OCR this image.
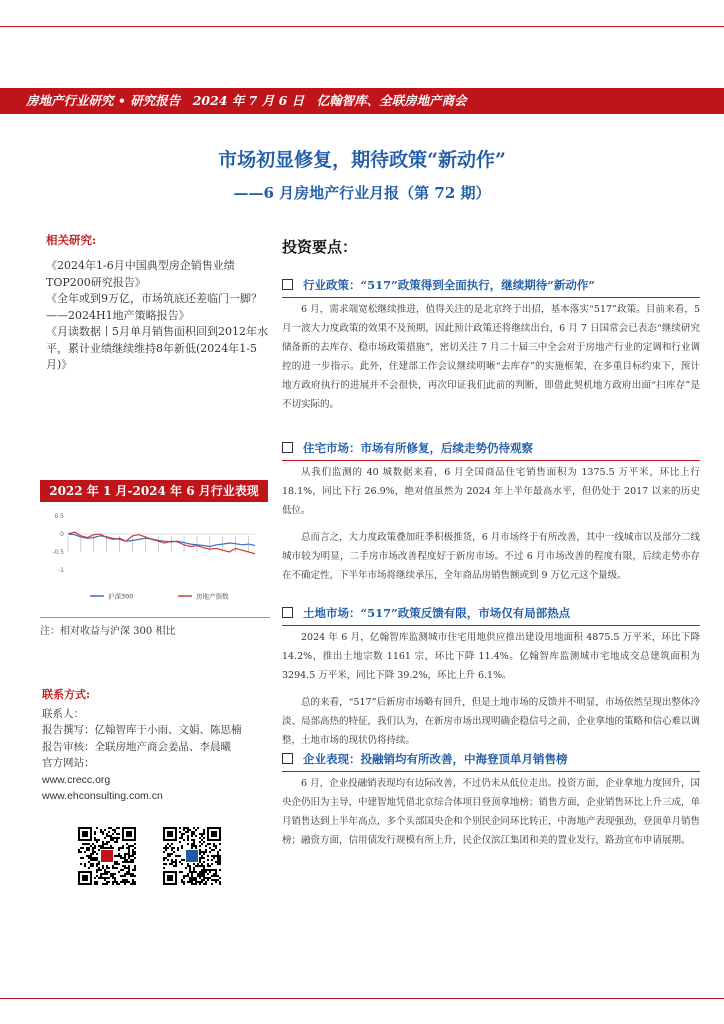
房地产行业研究 • 研究报告　2024 年 7 月 6 日　亿翰智库、全联房地产商会
市场初显修复，期待政策“新动作”
——6 月房地产行业月报（第 72 期）
相关研究:
《2024年1-6月中国典型房企销售业绩TOP200研究报告》
《全年或到9万亿，市场筑底还差临门一脚？——2024H1地产策略报告》
《月读数据丨5月单月销售面积回到2012年水平，累计业绩继续维持8年新低(2024年1-5月)》
2022 年 1 月-2024 年 6 月行业表现
0.5
0
-0.5
-1
沪深300	房地产指数
注：相对收益与沪深 300 相比
联系方式:
联系人：
报告撰写：亿翰智库于小雨、文娟、陈思楠
报告审核：全联房地产商会姜晶、李晨曦
官方网站：
www.crecc.org
www.ehconsulting.com.cn
投资要点：
行业政策：“517”政策得到全面执行，继续期待“新动作”

6 月，需求端宽松继续推进，值得关注的是北京终于出招，基本落实“517”政策。目前来看，5 月一波大力度政策的效果不及预期，因此预计政策还将继续出台，6 月 7 日国常会已表态“继续研究储备新的去库存、稳市场政策措施”，密切关注 7 月二十届三中全会对于房地产行业的定调和行业调控的进一步指示。此外，住建部工作会议继续明晰“去库存”的实施框架，在多重目标约束下，预计地方政府执行的进展并不会很快，再次印证我们此前的判断，即借此契机地方政府出面“扫库存”是不切实际的。

住宅市场：市场有所修复，后续走势仍待观察

从我们监测的 40 城数据来看，6 月全国商品住宅销售面积为 1375.5 万平米，环比上行 18.1%，同比下行 26.9%，绝对值虽然为 2024 年上半年最高水平，但仍处于 2017 以来的历史低位。

总而言之，大力度政策叠加旺季积极推货，6 月市场终于有所改善，其中一线城市以及部分二线城市较为明显，二手房市场改善程度好于新房市场。不过 6 月市场改善的程度有限，后续走势亦存在不确定性，下半年市场将继续承压，全年商品房销售额或到 9 万亿元这个量级。

土地市场：“517”政策反馈有限，市场仅有局部热点

2024 年 6 月，亿翰智库监测城市住宅用地供应推出建设用地面积 4875.5 万平米，环比下降 14.2%，推出土地宗数 1161 宗，环比下降 11.4%。亿翰智库监测城市宅地成交总建筑面积为 3294.5 万平米，同比下降 39.2%，环比上升 6.1%。

总的来看，“517”后新房市场略有回升，但是土地市场的反馈并不明显，市场依然呈现出整体冷淡、局部高热的特征，我们认为，在新房市场出现明确企稳信号之前，企业拿地的策略和信心难以调整，土地市场的现状仍将持续。

企业表现：投融销均有所改善，中海登顶单月销售榜

6 月，企业投融销表现均有边际改善，不过仍未从低位走出。投资方面，企业拿地力度回升，国央企仍旧为主导，中建智地凭借北京综合体项目登顶拿地榜；销售方面，企业销售环比上升三成，单月销售达到上半年高点，多个头部国央企和个别民企同环比转正，中海地产表现强劲，登顶单月销售榜；融资方面，信用债发行规模有所上升，民企仅滨江集团和美的置业发行，路劲宣布申请展期。
